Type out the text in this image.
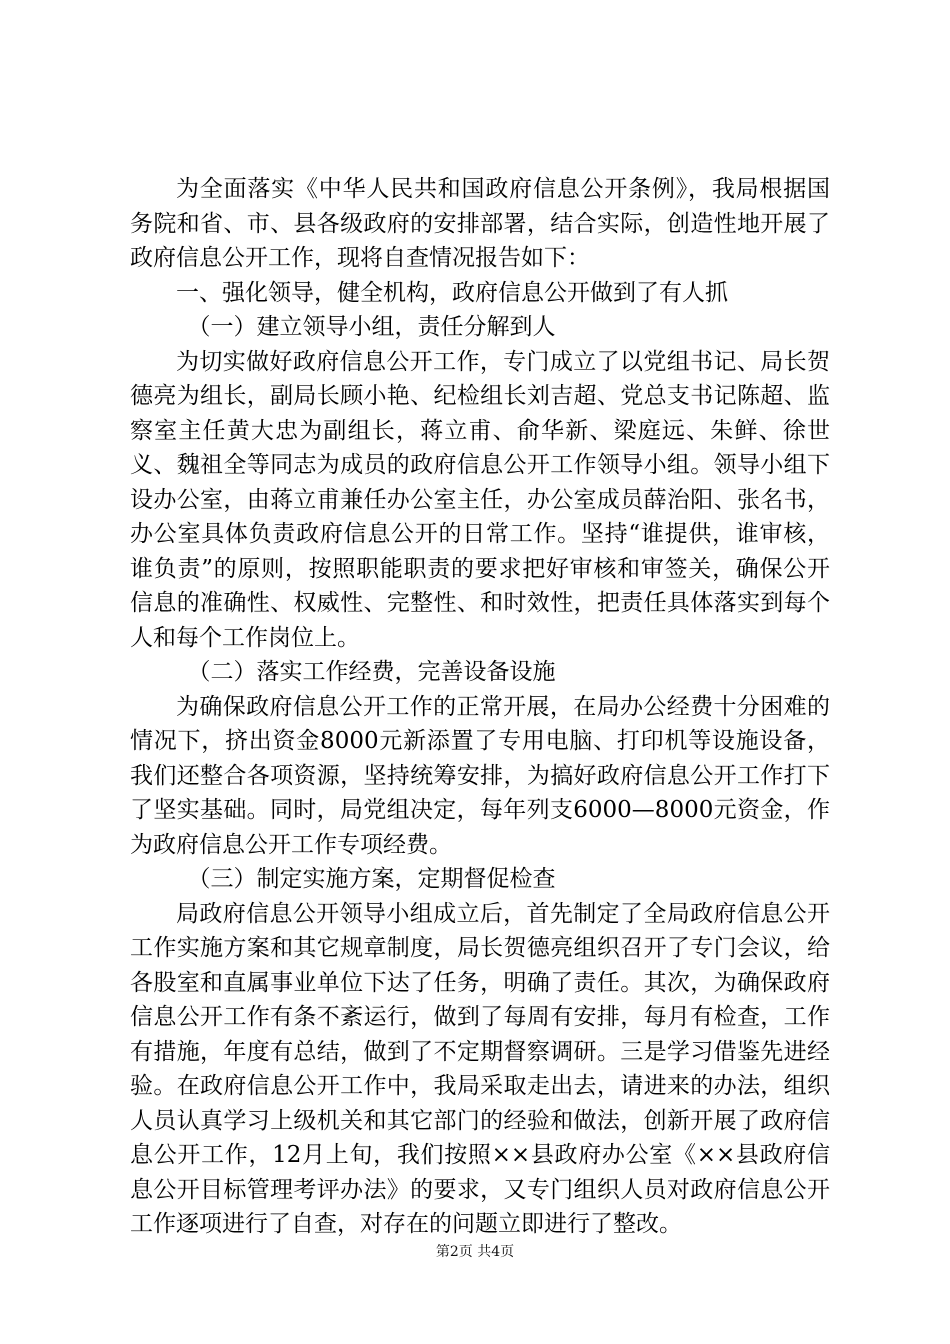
为全面落实《中华人民共和国政府信息公开条例》，我局根据国务院和省、市、县各级政府的安排部署，结合实际，创造性地开展了政府信息公开工作，现将自查情况报告如下：

一、强化领导，健全机构，政府信息公开做到了有人抓

（一）建立领导小组，责任分解到人

为切实做好政府信息公开工作，专门成立了以党组书记、局长贺德亮为组长，副局长顾小艳、纪检组长刘吉超、党总支书记陈超、监察室主任黄大忠为副组长，蒋立甫、俞华新、梁庭远、朱鲜、徐世义、魏祖全等同志为成员的政府信息公开工作领导小组。领导小组下设办公室，由蒋立甫兼任办公室主任，办公室成员薛治阳、张名书，办公室具体负责政府信息公开的日常工作。坚持“谁提供，谁审核，谁负责”的原则，按照职能职责的要求把好审核和审签关，确保公开信息的准确性、权威性、完整性、和时效性，把责任具体落实到每个人和每个工作岗位上。

（二）落实工作经费，完善设备设施

为确保政府信息公开工作的正常开展，在局办公经费十分困难的情况下，挤出资金8000元新添置了专用电脑、打印机等设施设备，我们还整合各项资源，坚持统筹安排，为搞好政府信息公开工作打下了坚实基础。同时，局党组决定，每年列支6000—8000元资金，作为政府信息公开工作专项经费。

（三）制定实施方案，定期督促检查

局政府信息公开领导小组成立后，首先制定了全局政府信息公开工作实施方案和其它规章制度，局长贺德亮组织召开了专门会议，给各股室和直属事业单位下达了任务，明确了责任。其次，为确保政府信息公开工作有条不紊运行，做到了每周有安排，每月有检查，工作有措施，年度有总结，做到了不定期督察调研。三是学习借鉴先进经验。在政府信息公开工作中，我局采取走出去，请进来的办法，组织人员认真学习上级机关和其它部门的经验和做法，创新开展了政府信息公开工作，12月上旬，我们按照××县政府办公室《××县政府信息公开目标管理考评办法》的要求，又专门组织人员对政府信息公开工作逐项进行了自查，对存在的问题立即进行了整改。

第2页 共4页
